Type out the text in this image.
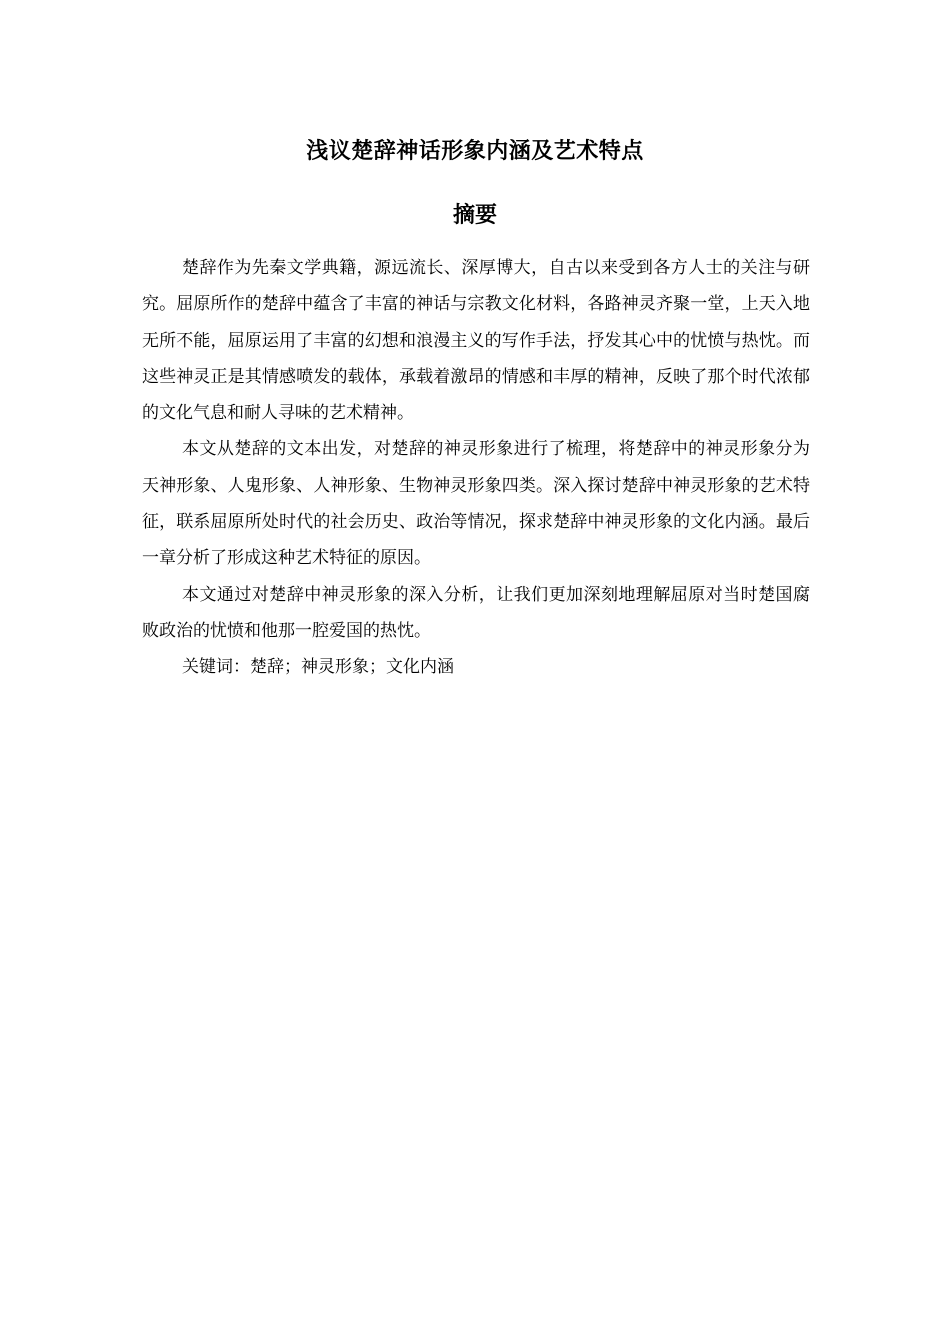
浅议楚辞神话形象内涵及艺术特点
摘要

楚辞作为先秦文学典籍，源远流长、深厚博大，自古以来受到各方人士的关注与研究。屈原所作的楚辞中蕴含了丰富的神话与宗教文化材料，各路神灵齐聚一堂，上天入地无所不能，屈原运用了丰富的幻想和浪漫主义的写作手法，抒发其心中的忧愤与热忱。而这些神灵正是其情感喷发的载体，承载着激昂的情感和丰厚的精神，反映了那个时代浓郁的文化气息和耐人寻味的艺术精神。

本文从楚辞的文本出发，对楚辞的神灵形象进行了梳理，将楚辞中的神灵形象分为天神形象、人鬼形象、人神形象、生物神灵形象四类。深入探讨楚辞中神灵形象的艺术特征，联系屈原所处时代的社会历史、政治等情况，探求楚辞中神灵形象的文化内涵。最后一章分析了形成这种艺术特征的原因。

本文通过对楚辞中神灵形象的深入分析，让我们更加深刻地理解屈原对当时楚国腐败政治的忧愤和他那一腔爱国的热忱。

关键词：楚辞；神灵形象；文化内涵
